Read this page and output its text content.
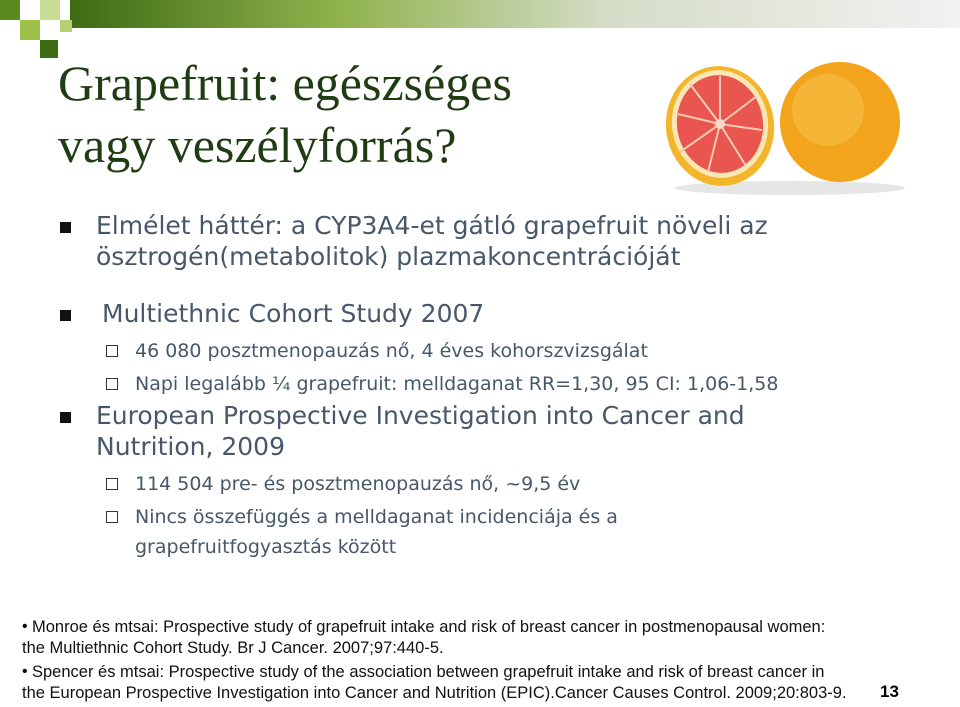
Grapefruit: egészséges
vagy veszélyforrás?
Elmélet háttér: a CYP3A4-et gátló grapefruit növeli az
ösztrogén(metabolitok) plazmakoncentrációját
Multiethnic Cohort Study 2007
46 080 posztmenopauzás nő, 4 éves kohorszvizsgálat
Napi legalább ¼ grapefruit: melldaganat RR=1,30, 95 CI: 1,06-1,58
European Prospective Investigation into Cancer and
Nutrition, 2009
114 504 pre- és posztmenopauzás nő, ~9,5 év
Nincs összefüggés a melldaganat incidenciája és a
grapefruitfogyasztás között
• Monroe és mtsai: Prospective study of grapefruit intake and risk of breast cancer in postmenopausal women:
the Multiethnic Cohort Study. Br J Cancer. 2007;97:440-5.
• Spencer és mtsai: Prospective study of the association between grapefruit intake and risk of breast cancer in
the European Prospective Investigation into Cancer and Nutrition (EPIC).Cancer Causes Control. 2009;20:803-9.	13
